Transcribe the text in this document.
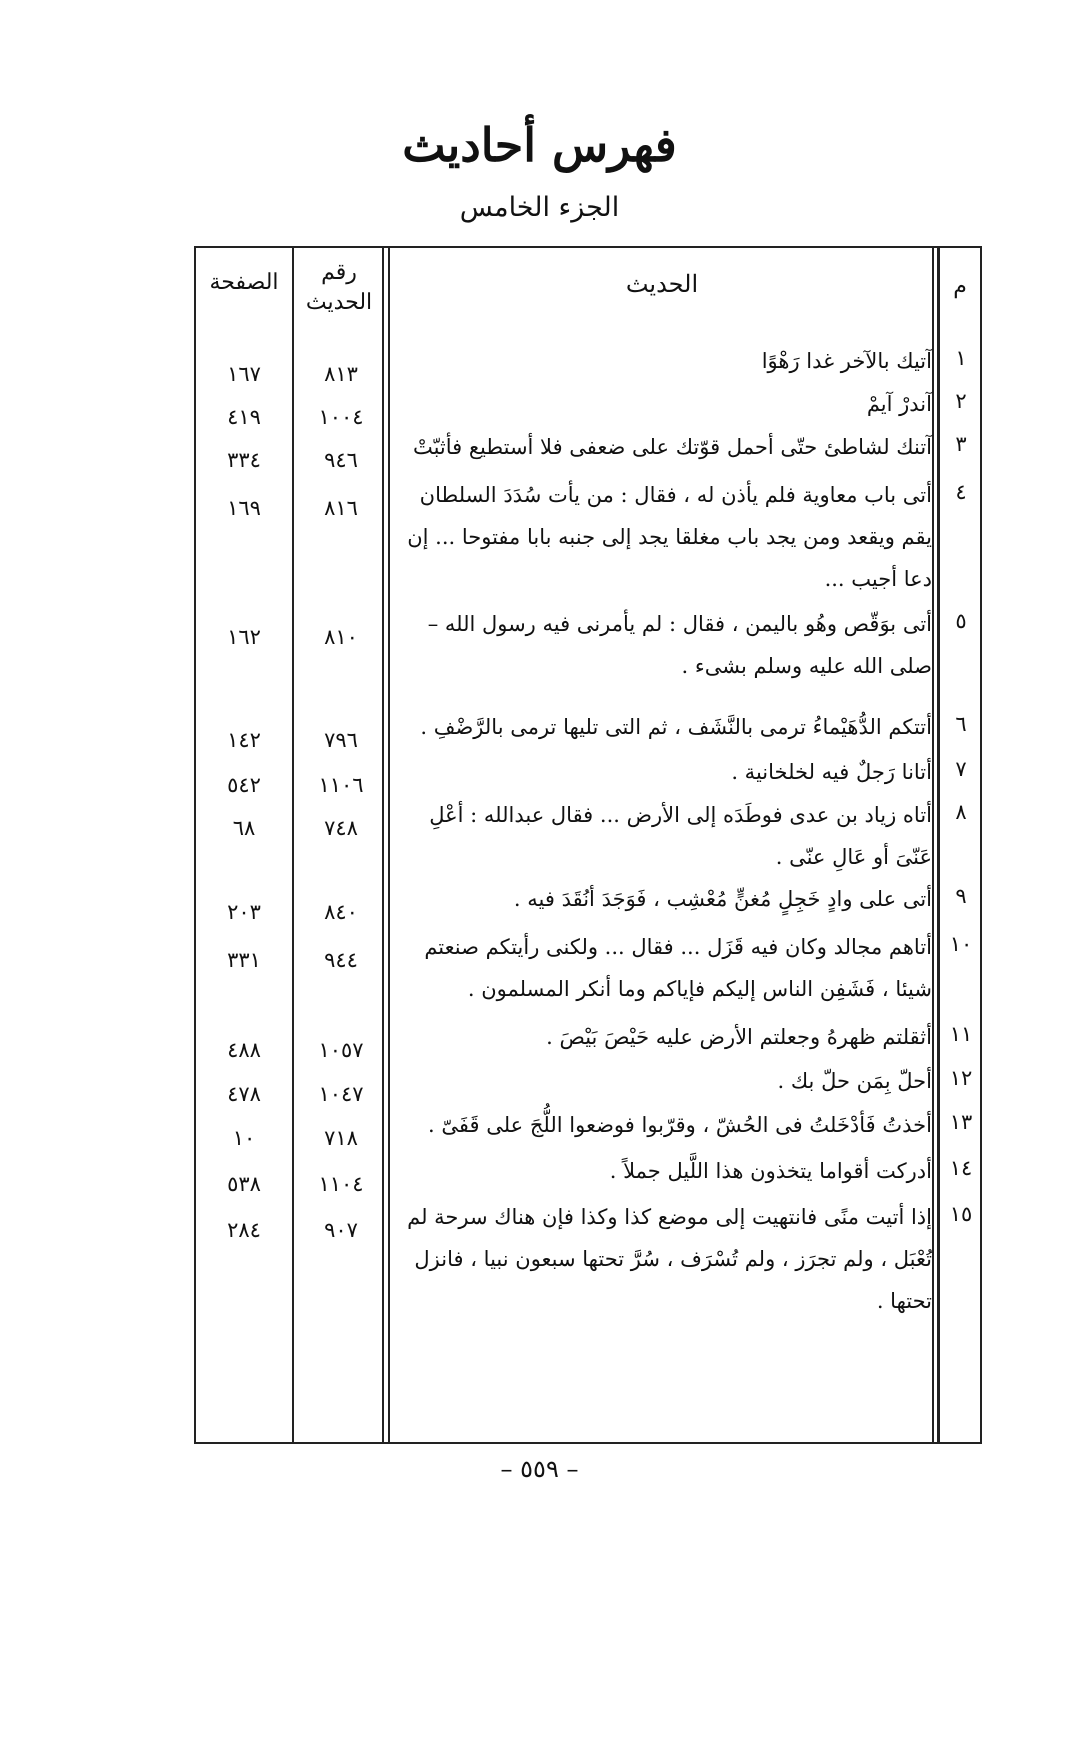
فهرس أحاديث
الجزء الخامس
م
الحديث
رقم الحديث
الصفحة
١
آتيك بالآخر غدا رَهْوًا
٨١٣
١٦٧
٢
آندرْ آيمْ
١٠٠٤
٤١٩
٣
آتنك لشاطئ حتّى أحمل قوّتك على ضعفى فلا أستطيع فأثبّتْ
٩٤٦
٣٣٤
٤
أتى باب معاوية فلم يأذن له ، فقال : من يأت سُدَدَ السلطان يقم ويقعد ومن يجد باب مغلقا يجد إلى جنبه بابا مفتوحا ... إن دعا أجيب ...
٨١٦
١٦٩
٥
أتى بوَقّص وهُو باليمن ، فقال : لم يأمرنى فيه رسول الله – صلى الله عليه وسلم بشىء .
٨١٠
١٦٢
٦
أتتكم الدُّهَيْماءُ ترمى بالنَّشَف ، ثم التى تليها ترمى بالرَّضْفِ .
٧٩٦
١٤٢
٧
أتانا رَجلٌ فيه لخلخانية .
١١٠٦
٥٤٢
٨
أتاه زياد بن عدى فوطَدَه إلى الأرض ... فقال عبدالله : أعْلِ عَنّىَ أو عَالِ عنّى .
٧٤٨
٦٨
٩
أتى على وادٍ خَجِلٍ مُغنٍّ مُعْشِب ، فَوَجَدَ أنُقَدَ فيه .
٨٤٠
٢٠٣
١٠
أتاهم مجالد وكان فيه قَزَل ... فقال ... ولكنى رأيتكم صنعتم شيئا ، فَشَفِن الناس إليكم فإياكم وما أنكر المسلمون .
٩٤٤
٣٣١
١١
أثقلتم ظهرهُ وجعلتم الأرض عليه حَيْصَ بَيْصَ .
١٠٥٧
٤٨٨
١٢
أحلّ بِمَن حلّ بك .
١٠٤٧
٤٧٨
١٣
أخذتُ فَأدْخَلتُ فى الحُشّ ، وقرّبوا فوضعوا اللُّجَ على قَفَىّ .
٧١٨
١٠
١٤
أدركت أقواما يتخذون هذا اللَّيل جملاً .
١١٠٤
٥٣٨
١٥
إذا أتيت منًى فانتهيت إلى موضع كذا وكذا فإن هناك سرحة لم تُعْبَل ، ولم تجرَز ، ولم تُسْرَف ، سُرَّ تحتها سبعون نبيا ، فانزل تحتها .
٩٠٧
٢٨٤
– ٥٥٩ –
